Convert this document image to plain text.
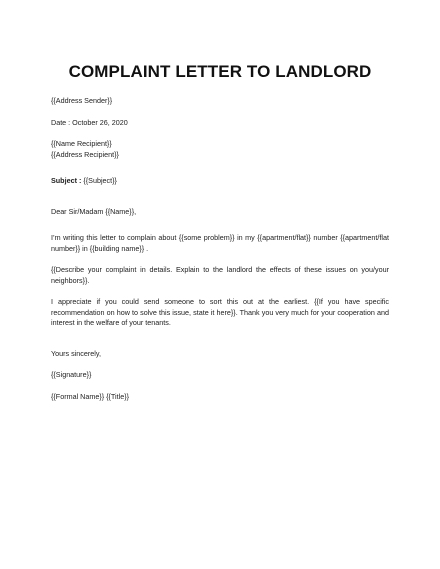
COMPLAINT LETTER TO LANDLORD
{{Address Sender}}
Date : October 26, 2020
{{Name Recipient}}
{{Address Recipient}}
Subject : {{Subject}}
Dear Sir/Madam {{Name}},
I’m writing this letter to complain about {{some problem}} in my {{apartment/flat}} number {{apartment/flat number}} in {{building name}} .
{{Describe your complaint in details. Explain to the landlord the effects of these issues on you/your neighbors}}.
I appreciate if you could send someone to sort this out at the earliest. {{If you have specific recommendation on how to solve this issue, state it here}}. Thank you very much for your cooperation and interest in the welfare of your tenants.
Yours sincerely,
{{Signature}}
{{Formal Name}} {{Title}}
